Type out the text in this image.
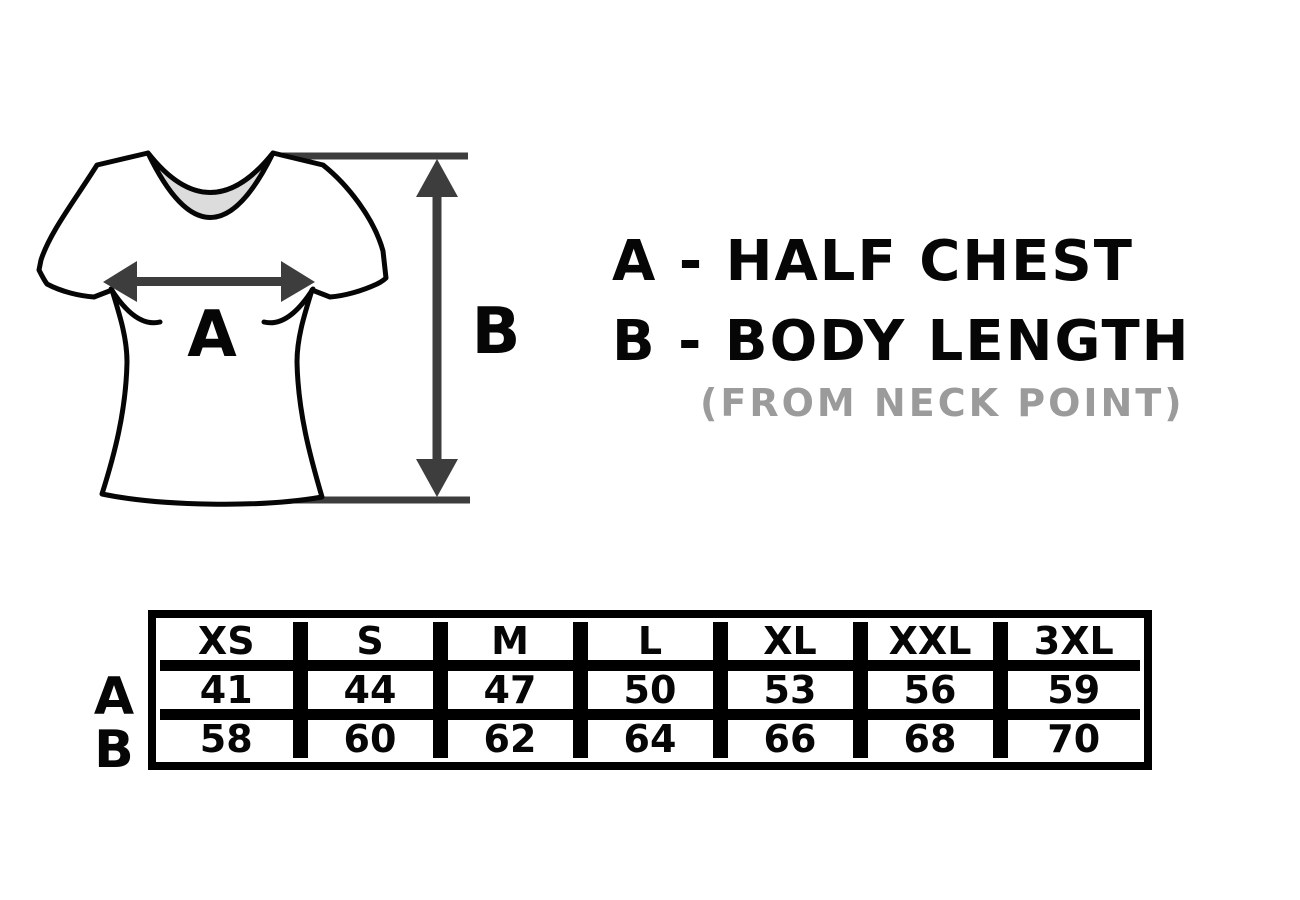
A	B
A - HALF CHEST
B - BODY LENGTH
(FROM NECK POINT)
A
B
XS	S	M	L	XL	XXL	3XL
41	44	47	50	53	56	59
58	60	62	64	66	68	70
